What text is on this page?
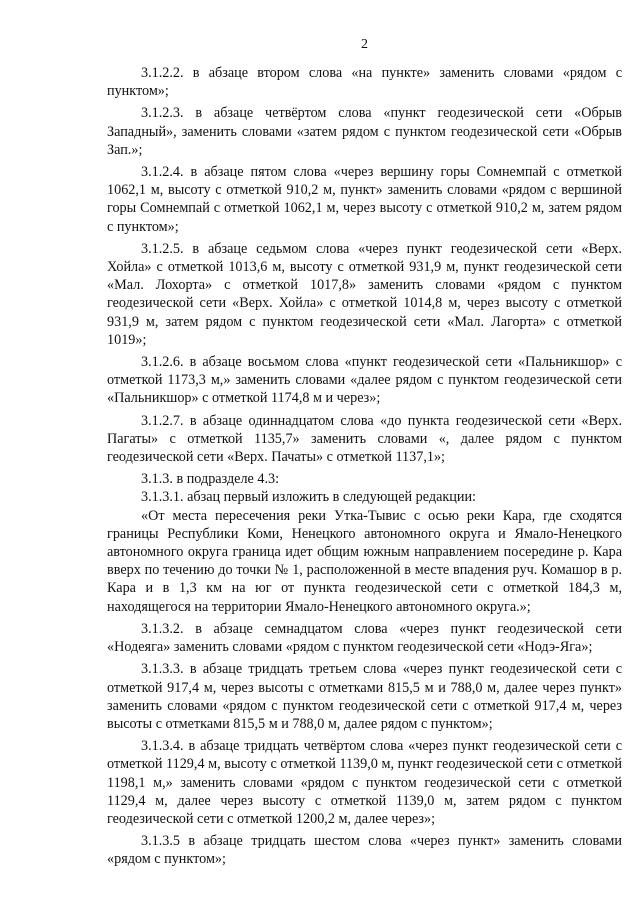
2

3.1.2.2. в абзаце втором слова «на пункте» заменить словами «рядом с пунктом»;

3.1.2.3. в абзаце четвёртом слова «пункт геодезической сети «Обрыв Западный», заменить словами «затем рядом с пунктом геодезической сети «Обрыв Зап.»;

3.1.2.4. в абзаце пятом слова «через вершину горы Сомнемпай с отметкой 1062,1 м, высоту с отметкой 910,2 м, пункт» заменить словами «рядом с вершиной горы Сомнемпай с отметкой 1062,1 м, через высоту с отметкой 910,2 м, затем рядом с пунктом»;

3.1.2.5. в абзаце седьмом слова «через пункт геодезической сети «Верх. Хойла» с отметкой 1013,6 м, высоту с отметкой 931,9 м, пункт геодезической сети «Мал. Лохорта» с отметкой 1017,8» заменить словами «рядом с пунктом геодезической сети «Верх. Хойла» с отметкой 1014,8 м, через высоту с отметкой 931,9 м, затем рядом с пунктом геодезической сети «Мал. Лагорта» с отметкой 1019»;

3.1.2.6. в абзаце восьмом слова «пункт геодезической сети «Пальникшор» с отметкой 1173,3 м,» заменить словами «далее рядом с пунктом геодезической сети «Пальникшор» с отметкой 1174,8 м и через»;

3.1.2.7. в абзаце одиннадцатом слова «до пункта геодезической сети «Верх. Пагаты» с отметкой 1135,7» заменить словами «, далее рядом с пунктом геодезической сети «Верх. Пачаты» с отметкой 1137,1»;

3.1.3. в подразделе 4.3:

3.1.3.1. абзац первый изложить в следующей редакции:

«От места пересечения реки Утка-Тывис с осью реки Кара, где сходятся границы Республики Коми, Ненецкого автономного округа и Ямало-Ненецкого автономного округа граница идет общим южным направлением посередине р. Кара вверх по течению до точки № 1, расположенной в месте впадения руч. Комашор в р. Кара и в 1,3 км на юг от пункта геодезической сети с отметкой 184,3 м, находящегося на территории Ямало-Ненецкого автономного округа.»;

3.1.3.2. в абзаце семнадцатом слова «через пункт геодезической сети «Нодеяга» заменить словами «рядом с пунктом геодезической сети «Нодэ-Яга»;

3.1.3.3. в абзаце тридцать третьем слова «через пункт геодезической сети с отметкой 917,4 м, через высоты с отметками 815,5 м и 788,0 м, далее через пункт» заменить словами «рядом с пунктом геодезической сети с отметкой 917,4 м, через высоты с отметками 815,5 м и 788,0 м, далее рядом с пунктом»;

3.1.3.4. в абзаце тридцать четвёртом слова «через пункт геодезической сети с отметкой 1129,4 м, высоту с отметкой 1139,0 м, пункт геодезической сети с отметкой 1198,1 м,» заменить словами «рядом с пунктом геодезической сети с отметкой 1129,4 м, далее через высоту с отметкой 1139,0 м, затем рядом с пунктом геодезической сети с отметкой 1200,2 м, далее через»;

3.1.3.5 в абзаце тридцать шестом слова «через пункт» заменить словами «рядом с пунктом»;
